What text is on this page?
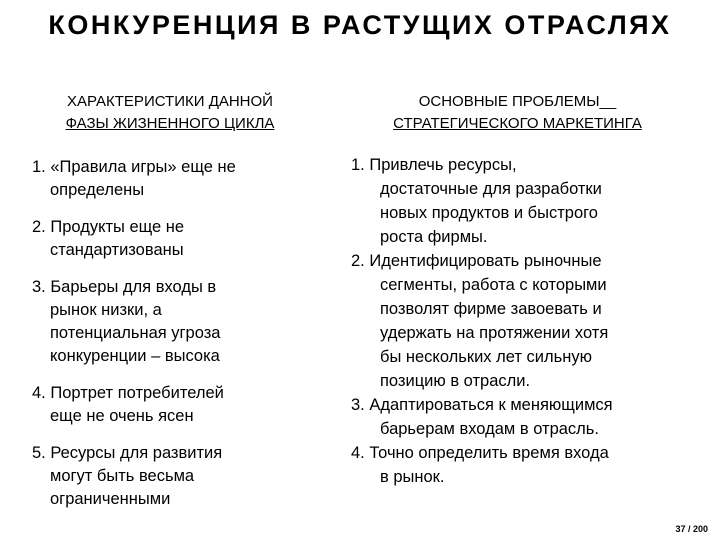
КОНКУРЕНЦИЯ В РАСТУЩИХ ОТРАСЛЯХ
ХАРАКТЕРИСТИКИ ДАННОЙ
ФАЗЫ ЖИЗНЕННОГО ЦИКЛА
ОСНОВНЫЕ ПРОБЛЕМЫ__
СТРАТЕГИЧЕСКОГО МАРКЕТИНГА
1. «Правила игры» еще не
определены
2. Продукты еще не
стандартизованы
3. Барьеры для входы в
рынок низки, а
потенциальная угроза
конкуренции – высока
4. Портрет потребителей
еще не очень ясен
5. Ресурсы для развития
могут быть весьма
ограниченными
1. Привлечь ресурсы,
достаточные для разработки
новых продуктов и быстрого
роста фирмы.
2. Идентифицировать рыночные
сегменты, работа с которыми
позволят фирме завоевать и
удержать на протяжении хотя
бы нескольких лет сильную
позицию в отрасли.
3. Адаптироваться к меняющимся
барьерам входам в отрасль.
4. Точно определить время входа
в рынок.
37 / 200
